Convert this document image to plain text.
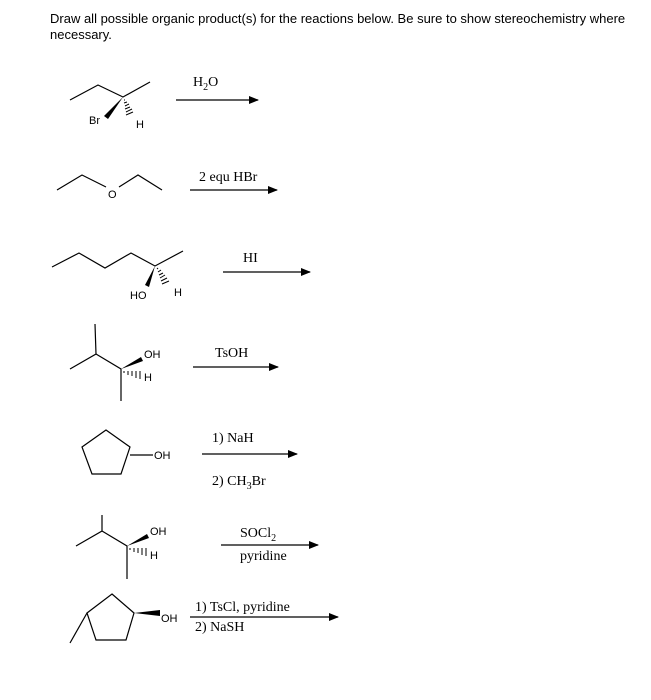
Draw all possible organic product(s) for the reactions below. Be sure to show stereochemistry where necessary.
Br	H
$H_2O$
O
2 equ HBr
HO	H
HI
OH
H
TsOH
OH
1) NaH
2) $CH_3Br$
OH
H
SOCl$_2$
pyridine
OH
1) TsCl, pyridine
2) NaSH
